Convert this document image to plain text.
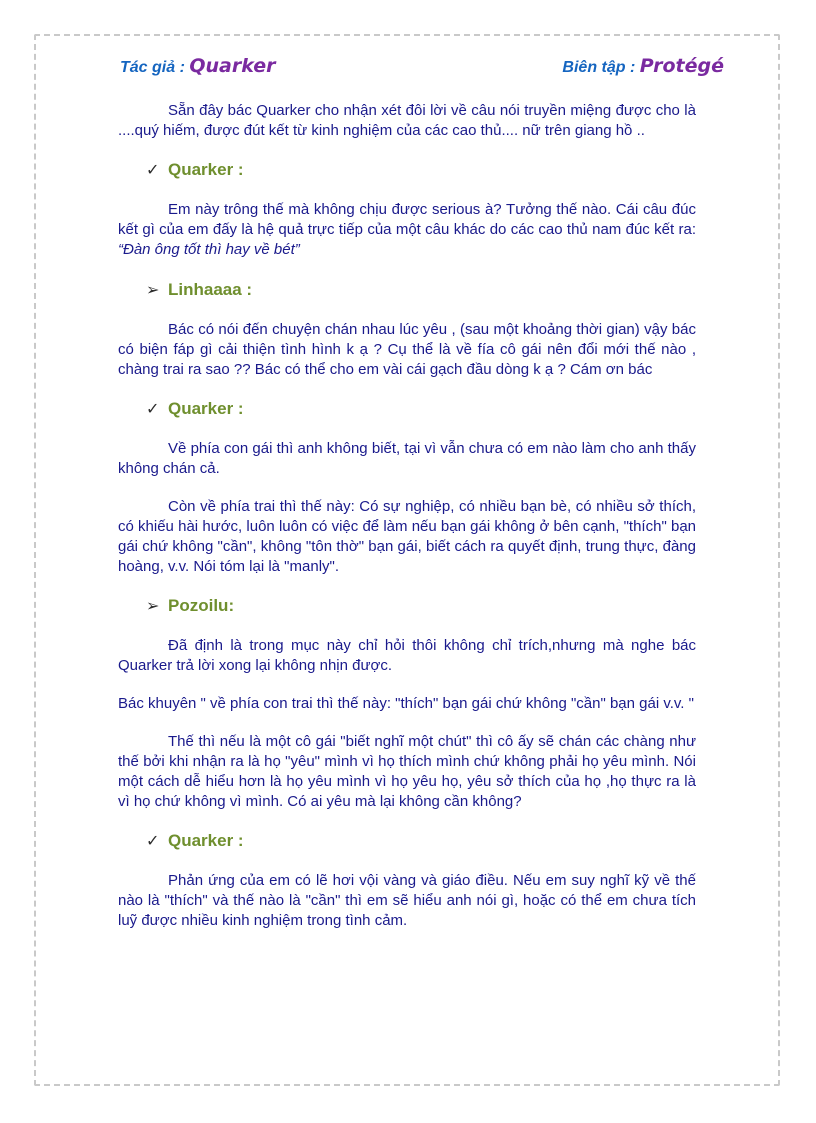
Tác giả : Quarker	Biên tập : Protégé

Sẵn đây bác Quarker cho nhận xét đôi lời về câu nói truyền miệng được cho là ....quý hiếm, được đút kết từ kinh nghiệm của các cao thủ.... nữ trên giang hồ ..

✓ Quarker :

Em này trông thế mà không chịu được serious à? Tưởng thế nào. Cái câu đúc kết gì của em đấy là hệ quả trực tiếp của một câu khác do các cao thủ nam đúc kết ra: “Đàn ông tốt thì hay về bét”

➢ Linhaaaa :

Bác có nói đến chuyện chán nhau lúc yêu , (sau một khoảng thời gian) vậy bác có biện fáp gì cải thiện tình hình k ạ ? Cụ thể là về fía cô gái nên đổi mới thế nào , chàng trai ra sao ?? Bác có thể cho em vài cái gạch đầu dòng k ạ ? Cám ơn bác

✓ Quarker :

Về phía con gái thì anh không biết, tại vì vẫn chưa có em nào làm cho anh thấy không chán cả.

Còn về phía trai thì thế này: Có sự nghiệp, có nhiều bạn bè, có nhiều sở thích, có khiếu hài hước, luôn luôn có việc để làm nếu bạn gái không ở bên cạnh, "thích" bạn gái chứ không "cần", không "tôn thờ" bạn gái, biết cách ra quyết định, trung thực, đàng hoàng, v.v. Nói tóm lại là "manly".

➢ Pozoilu:

Đã định là trong mục này chỉ hỏi thôi không chỉ trích,nhưng mà nghe bác Quarker trả lời xong lại không nhịn được.

Bác khuyên " về phía con trai thì thế này: "thích" bạn gái chứ không "cần" bạn gái v.v. "

Thế thì nếu là một cô gái "biết nghĩ một chút" thì cô ấy sẽ chán các chàng như thế bởi khi nhận ra là họ "yêu" mình vì họ thích mình chứ không phải họ yêu mình. Nói một cách dễ hiểu hơn là họ yêu mình vì họ yêu họ, yêu sở thích của họ ,họ thực ra là vì họ chứ không vì mình. Có ai yêu mà lại không cần không?

✓ Quarker :

Phản ứng của em có lẽ hơi vội vàng và giáo điều. Nếu em suy nghĩ kỹ về thế nào là "thích" và thế nào là "cần" thì em sẽ hiểu anh nói gì, hoặc có thể em chưa tích luỹ được nhiều kinh nghiệm trong tình cảm.
